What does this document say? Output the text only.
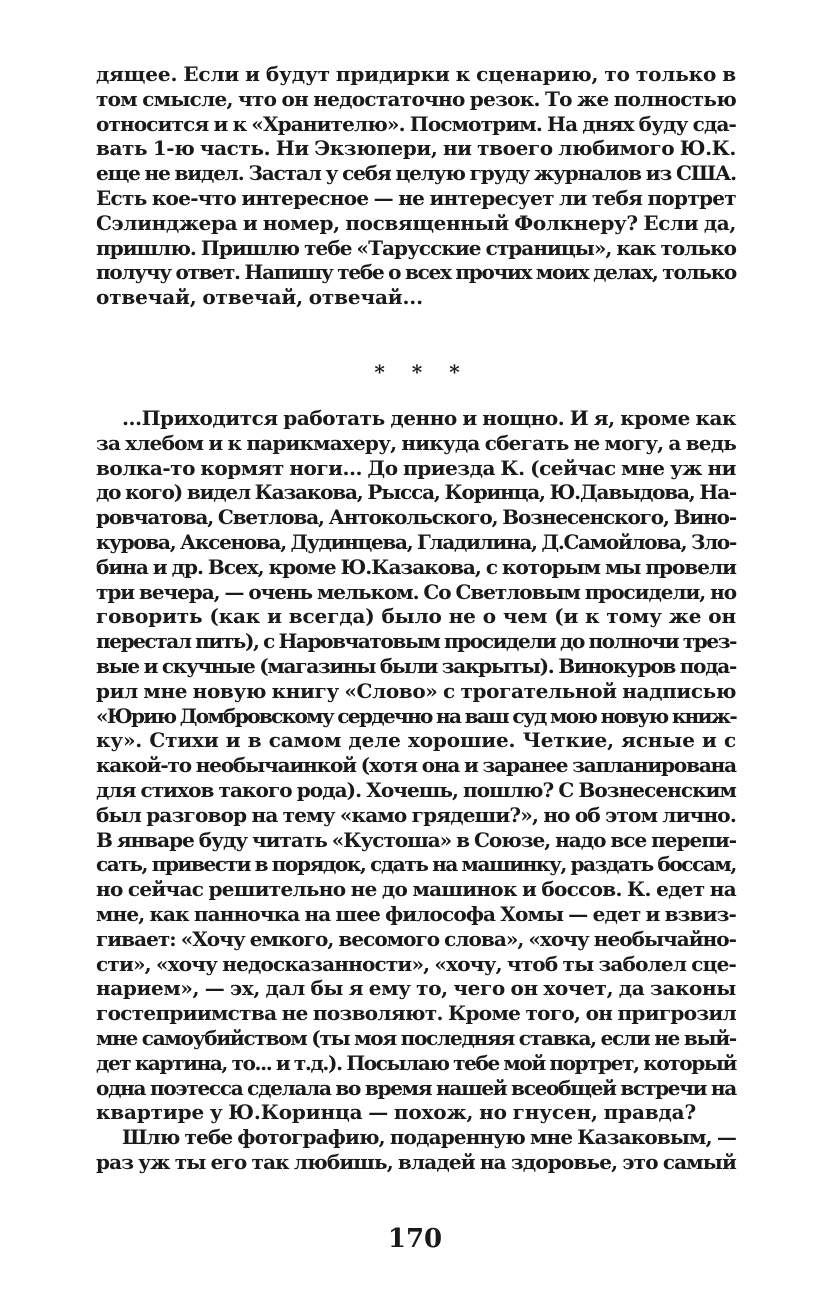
дящее. Если и будут придирки к сценарию, то только в
том смысле, что он недостаточно резок. То же полностью
относится и к «Хранителю». Посмотрим. На днях буду сда-
вать 1-ю часть. Ни Экзюпери, ни твоего любимого Ю.К.
еще не видел. Застал у себя целую груду журналов из США.
Есть кое-что интересное — не интересует ли тебя портрет
Сэлинджера и номер, посвященный Фолкнеру? Если да,
пришлю. Пришлю тебе «Тарусские страницы», как только
получу ответ. Напишу тебе о всех прочих моих делах, только
отвечай, отвечай, отвечай...
* * *
...Приходится работать денно и нощно. И я, кроме как
за хлебом и к парикмахеру, никуда сбегать не могу, а ведь
волка-то кормят ноги... До приезда К. (сейчас мне уж ни
до кого) видел Казакова, Рысса, Коринца, Ю.Давыдова, На-
ровчатова, Светлова, Антокольского, Вознесенского, Вино-
курова, Аксенова, Дудинцева, Гладилина, Д.Самойлова, Зло-
бина и др. Всех, кроме Ю.Казакова, с которым мы провели
три вечера, — очень мельком. Со Светловым просидели, но
говорить (как и всегда) было не о чем (и к тому же он
перестал пить), с Наровчатовым просидели до полночи трез-
вые и скучные (магазины были закрыты). Винокуров пода-
рил мне новую книгу «Слово» с трогательной надписью
«Юрию Домбровскому сердечно на ваш суд мою новую книж-
ку». Стихи и в самом деле хорошие. Четкие, ясные и с
какой-то необычаинкой (хотя она и заранее запланирована
для стихов такого рода). Хочешь, пошлю? С Вознесенским
был разговор на тему «камо грядеши?», но об этом лично.
В январе буду читать «Кустоша» в Союзе, надо все перепи-
сать, привести в порядок, сдать на машинку, раздать боссам,
но сейчас решительно не до машинок и боссов. К. едет на
мне, как панночка на шее философа Хомы — едет и взвиз-
гивает: «Хочу емкого, весомого слова», «хочу необычайно-
сти», «хочу недосказанности», «хочу, чтоб ты заболел сце-
нарием», — эх, дал бы я ему то, чего он хочет, да законы
гостеприимства не позволяют. Кроме того, он пригрозил
мне самоубийством (ты моя последняя ставка, если не вый-
дет картина, то... и т.д.). Посылаю тебе мой портрет, который
одна поэтесса сделала во время нашей всеобщей встречи на
квартире у Ю.Коринца — похож, но гнусен, правда?
Шлю тебе фотографию, подаренную мне Казаковым, —
раз уж ты его так любишь, владей на здоровье, это самый
170
